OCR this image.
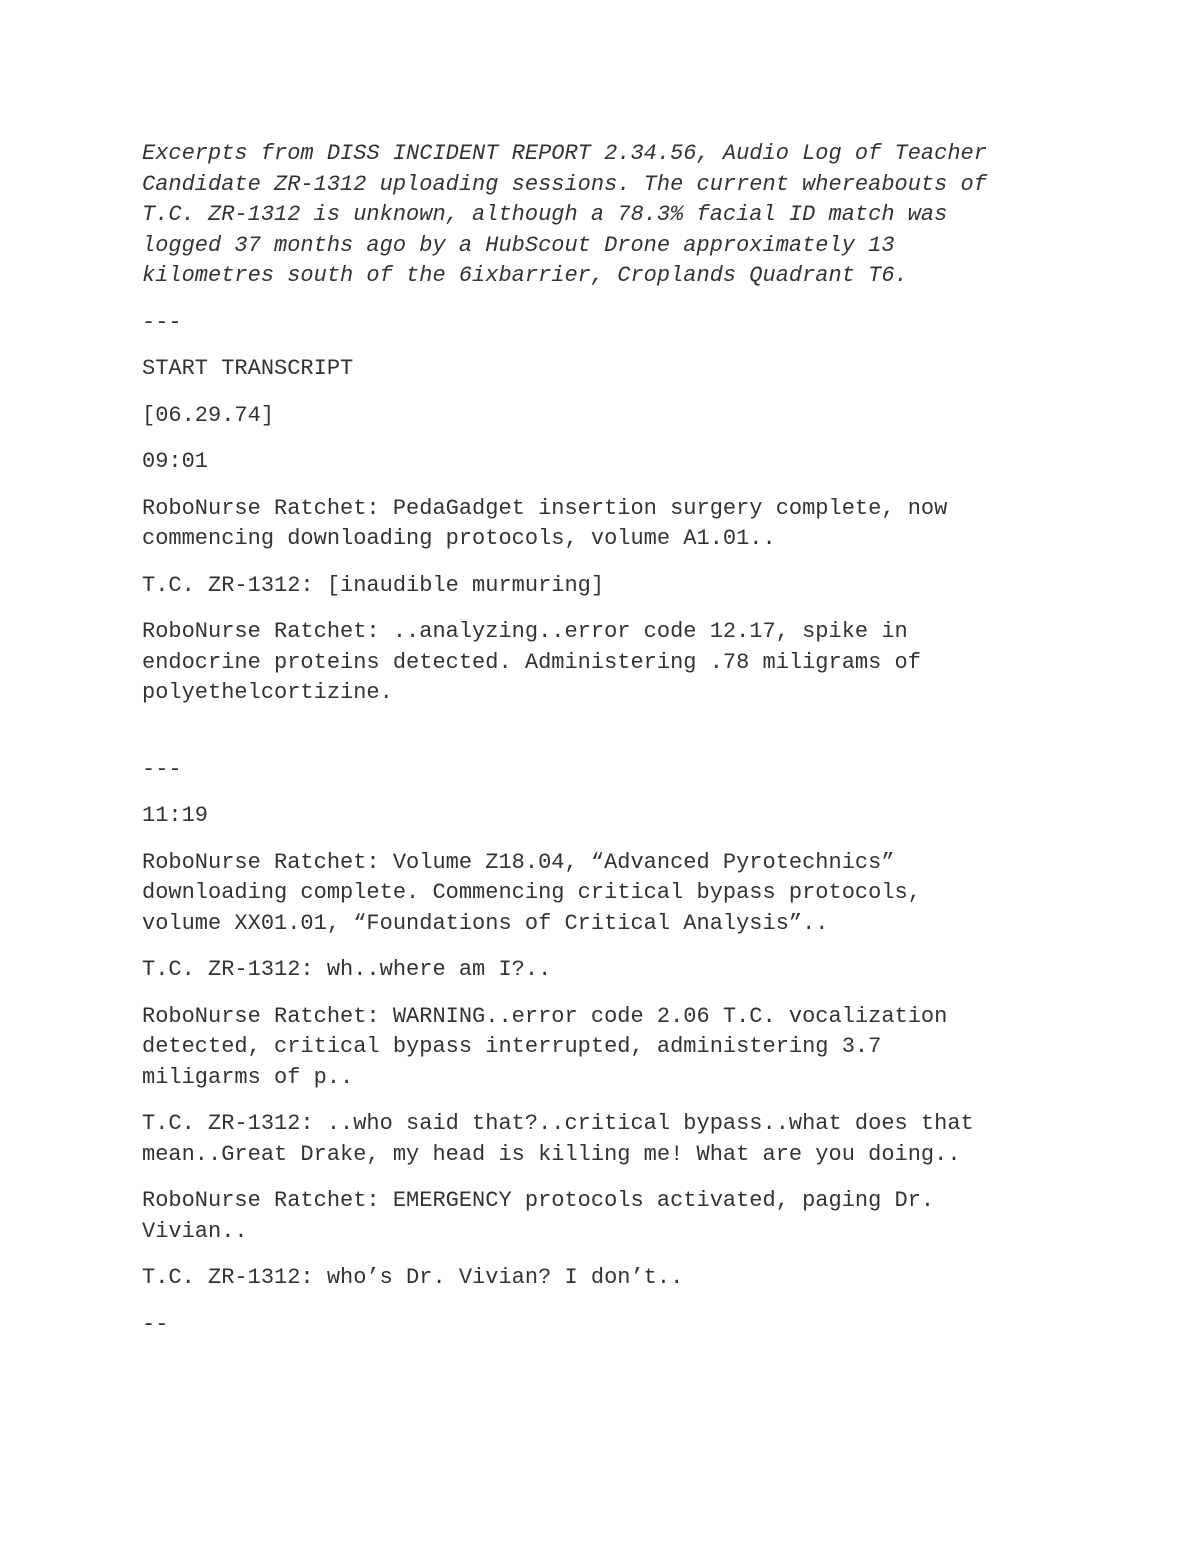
Excerpts from DISS INCIDENT REPORT 2.34.56, Audio Log of Teacher
Candidate ZR-1312 uploading sessions. The current whereabouts of
T.C. ZR-1312 is unknown, although a 78.3% facial ID match was
logged 37 months ago by a HubScout Drone approximately 13
kilometres south of the 6ixbarrier, Croplands Quadrant T6.

---

START TRANSCRIPT

[06.29.74]

09:01

RoboNurse Ratchet: PedaGadget insertion surgery complete, now
commencing downloading protocols, volume A1.01..

T.C. ZR-1312: [inaudible murmuring]

RoboNurse Ratchet: ..analyzing..error code 12.17, spike in
endocrine proteins detected. Administering .78 miligrams of
polyethelcortizine.

---

11:19

RoboNurse Ratchet: Volume Z18.04, “Advanced Pyrotechnics”
downloading complete. Commencing critical bypass protocols,
volume XX01.01, “Foundations of Critical Analysis”..

T.C. ZR-1312: wh..where am I?..

RoboNurse Ratchet: WARNING..error code 2.06 T.C. vocalization
detected, critical bypass interrupted, administering 3.7
miligarms of p..

T.C. ZR-1312: ..who said that?..critical bypass..what does that
mean..Great Drake, my head is killing me! What are you doing..

RoboNurse Ratchet: EMERGENCY protocols activated, paging Dr.
Vivian..

T.C. ZR-1312: who’s Dr. Vivian? I don’t..

--
